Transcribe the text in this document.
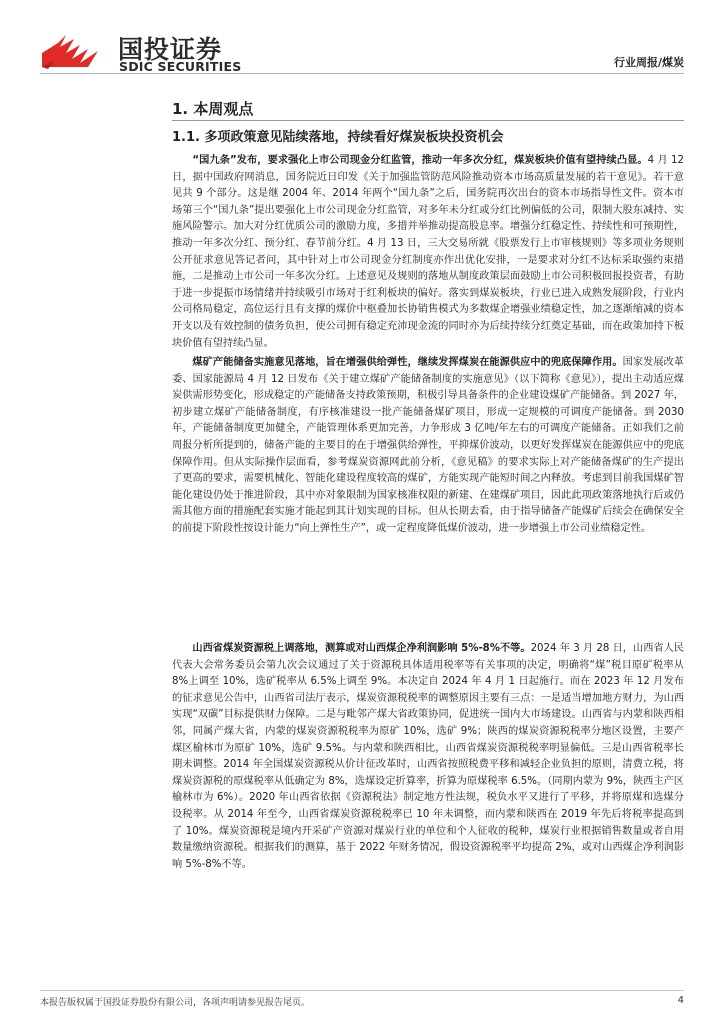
国投证券
SDIC SECURITIES	行业周报/煤炭
1. 本周观点
1.1. 多项政策意见陆续落地，持续看好煤炭板块投资机会

“国九条”发布，要求强化上市公司现金分红监管，推动一年多次分红，煤炭板块价值有望持续凸显。4 月 12 日，据中国政府网消息，国务院近日印发《关于加强监管防范风险推动资本市场高质量发展的若干意见》。若干意见共 9 个部分。这是继 2004 年、2014 年两个“国九条”之后，国务院再次出台的资本市场指导性文件。资本市场第三个“国九条”提出要强化上市公司现金分红监管，对多年未分红或分红比例偏低的公司，限制大股东减持、实施风险警示。加大对分红优质公司的激励力度，多措并举推动提高股息率。增强分红稳定性、持续性和可预期性，推动一年多次分红、预分红、春节前分红。4 月 13 日，三大交易所就《股票发行上市审核规则》等多项业务规则公开征求意见答记者问，其中针对上市公司现金分红制度亦作出优化安排，一是要求对分红不达标采取强约束措施，二是推动上市公司一年多次分红。上述意见及规则的落地从制度政策层面鼓励上市公司积极回报投资者，有助于进一步提振市场情绪并持续吸引市场对于红利板块的偏好。落实到煤炭板块，行业已进入成熟发展阶段，行业内公司格局稳定，高位运行且有支撑的煤价中枢叠加长协销售模式为多数煤企增强业绩稳定性，加之逐渐缩减的资本开支以及有效控制的债务负担，使公司拥有稳定充沛现金流的同时亦为后续持续分红奠定基础，而在政策加持下板块价值有望持续凸显。

煤矿产能储备实施意见落地，旨在增强供给弹性，继续发挥煤炭在能源供应中的兜底保障作用。国家发展改革委、国家能源局 4 月 12 日发布《关于建立煤矿产能储备制度的实施意见》（以下简称《意见》），提出主动适应煤炭供需形势变化，形成稳定的产能储备支持政策预期，积极引导具备条件的企业建设煤矿产能储备。到 2027 年，初步建立煤矿产能储备制度，有序核准建设一批产能储备煤矿项目，形成一定规模的可调度产能储备。到 2030 年，产能储备制度更加健全，产能管理体系更加完善，力争形成 3 亿吨/年左右的可调度产能储备。正如我们之前周报分析所提到的，储备产能的主要目的在于增强供给弹性，平抑煤价波动，以更好发挥煤炭在能源供应中的兜底保障作用。但从实际操作层面看，参考煤炭资源网此前分析，《意见稿》的要求实际上对产能储备煤矿的生产提出了更高的要求，需要机械化、智能化建设程度较高的煤矿，方能实现产能短时间之内释放。考虑到目前我国煤矿智能化建设仍处于推进阶段，其中亦对象限制为国家核准权限的新建、在建煤矿项目，因此此项政策落地执行后或仍需其他方面的措施配套实施才能起到其计划实现的目标。但从长期去看，由于指导储备产能煤矿后续会在确保安全的前提下阶段性按设计能力“向上弹性生产”，或一定程度降低煤价波动，进一步增强上市公司业绩稳定性。

山西省煤炭资源税上调落地，测算或对山西煤企净利润影响 5%-8%不等。2024 年 3 月 28 日，山西省人民代表大会常务委员会第九次会议通过了关于资源税具体适用税率等有关事项的决定，明确将“煤”税目原矿税率从 8%上调至 10%，选矿税率从 6.5%上调至 9%。本决定自 2024 年 4 月 1 日起施行。而在 2023 年 12 月发布的征求意见公告中，山西省司法厅表示，煤炭资源税税率的调整原因主要有三点：一是适当增加地方财力，为山西实现“双碳”目标提供财力保障。二是与毗邻产煤大省政策协同，促进统一国内大市场建设。山西省与内蒙和陕西相邻，同属产煤大省，内蒙的煤炭资源税税率为原矿 10%，选矿 9%；陕西的煤炭资源税税率分地区设置，主要产煤区榆林市为原矿 10%，选矿 9.5%。与内蒙和陕西相比，山西省煤炭资源税税率明显偏低。三是山西省税率长期未调整。2014 年全国煤炭资源税从价计征改革时，山西省按照税费平移和减轻企业负担的原则，清费立税，将煤炭资源税的原煤税率从低确定为 8%，选煤设定折算率，折算为原煤税率 6.5%。（同期内蒙为 9%，陕西主产区榆林市为 6%）。2020 年山西省依据《资源税法》制定地方性法规，税负水平又进行了平移，并将原煤和选煤分设税率。从 2014 年至今，山西省煤炭资源税税率已 10 年未调整，而内蒙和陕西在 2019 年先后将税率提高到了 10%。煤炭资源税是境内开采矿产资源对煤炭行业的单位和个人征收的税种，煤炭行业根据销售数量或者自用数量缴纳资源税。根据我们的测算，基于 2022 年财务情况，假设资源税率平均提高 2%，或对山西煤企净利润影响 5%-8%不等。

本报告版权属于国投证券股份有限公司，各项声明请参见报告尾页。	4
